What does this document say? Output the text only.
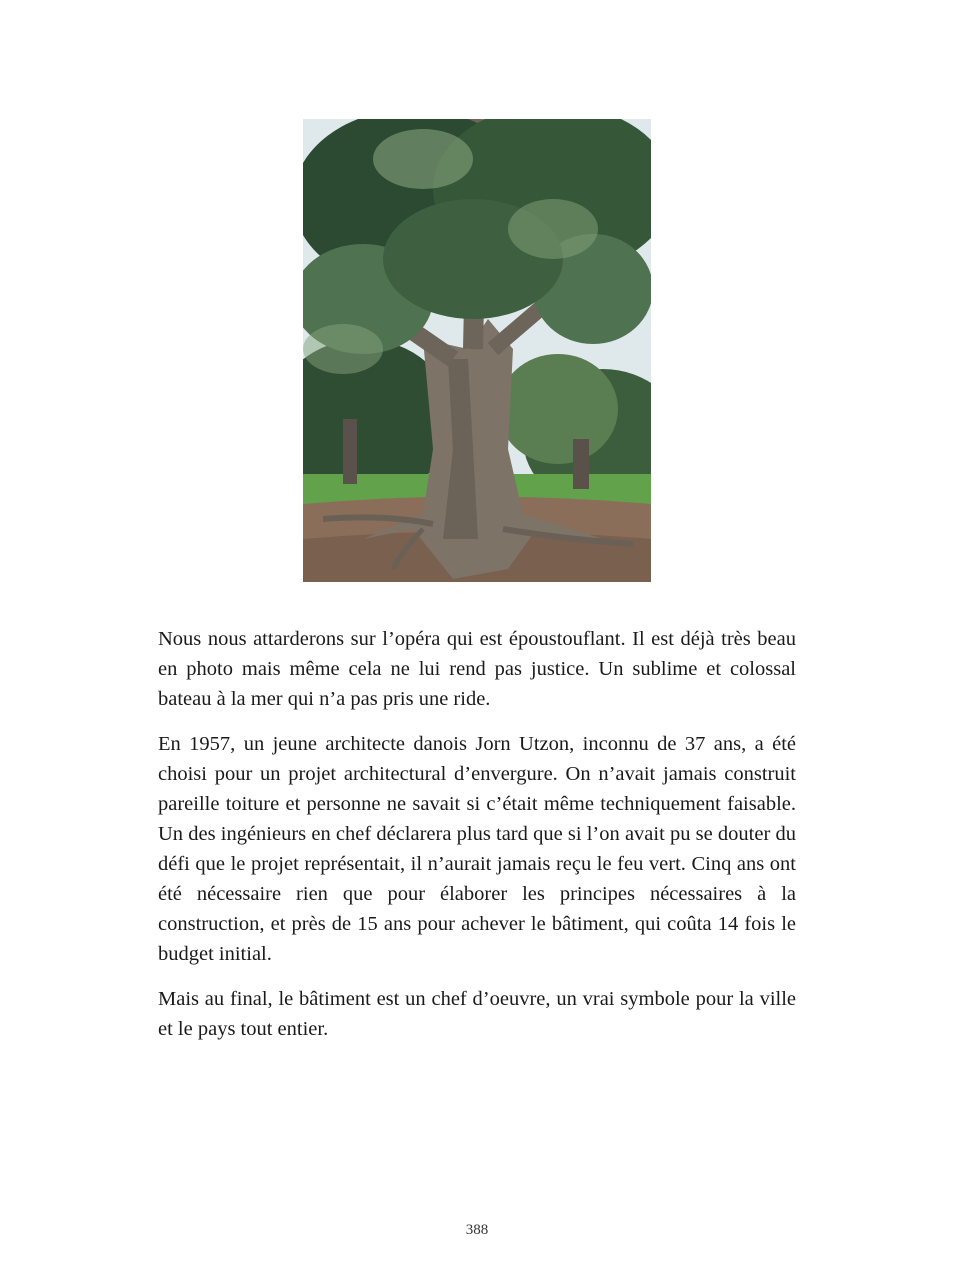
Nous nous attarderons sur l’opéra qui est époustouflant. Il est déjà très beau en photo mais même cela ne lui rend pas justice. Un sublime et colossal bateau à la mer qui n’a pas pris une ride.

En 1957, un jeune architecte danois Jorn Utzon, inconnu de 37 ans, a été choisi pour un projet architectural d’envergure. On n’avait jamais construit pareille toiture et personne ne savait si c’était même techniquement faisable. Un des ingénieurs en chef déclarera plus tard que si l’on avait pu se douter du défi que le projet représentait, il n’aurait jamais reçu le feu vert. Cinq ans ont été nécessaire rien que pour élaborer les principes nécessaires à la construction, et près de 15 ans pour achever le bâtiment, qui coûta 14 fois le budget initial.

Mais au final, le bâtiment est un chef d’oeuvre, un vrai symbole pour la ville et le pays tout entier.

388
